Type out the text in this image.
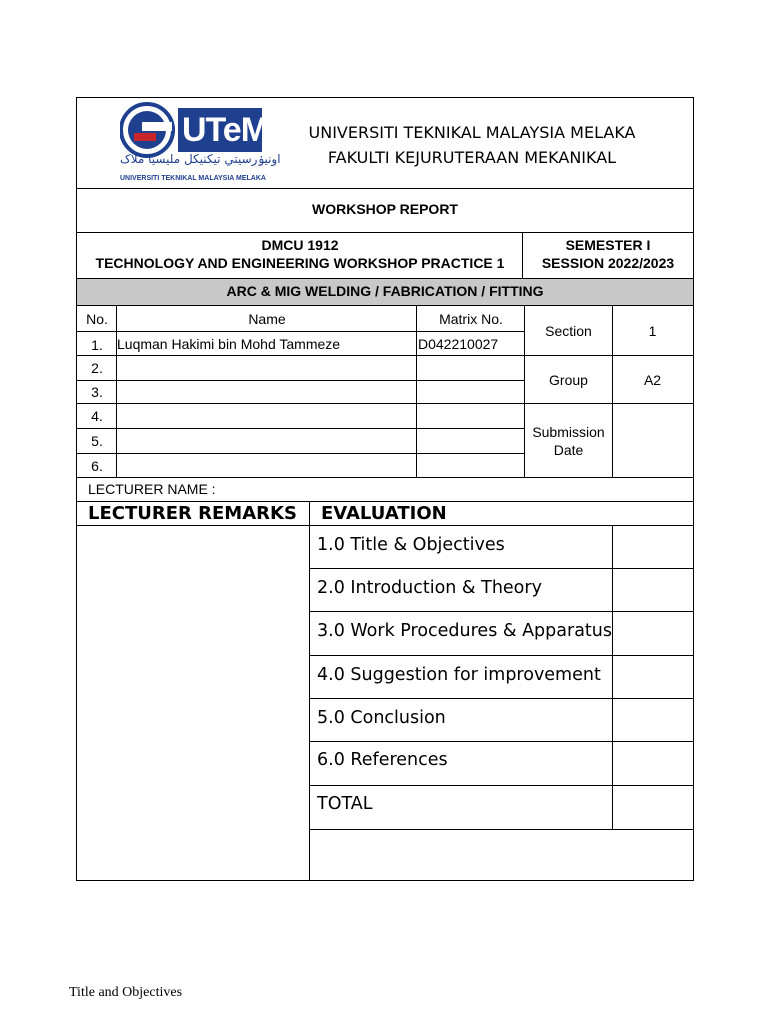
UTeM
اونيۏرسيتي تيكنيكل مليسيا ملاک
UNIVERSITI TEKNIKAL MALAYSIA MELAKA
UNIVERSITI TEKNIKAL MALAYSIA MELAKA
FAKULTI KEJURUTERAAN MEKANIKAL
WORKSHOP REPORT
DMCU 1912
TECHNOLOGY AND ENGINEERING WORKSHOP PRACTICE 1
SEMESTER I
SESSION 2022/2023
ARC & MIG WELDING / FABRICATION / FITTING
No.	Name	Matrix No.
1.	Luqman Hakimi bin Mohd Tammeze	D042210027
2.
3.
4.
5.
6.
Section	1
Group	A2
Submission
Date
LECTURER NAME :
LECTURER REMARKS EVALUATION
1.0 Title & Objectives
2.0 Introduction & Theory
3.0 Work Procedures & Apparatus
4.0 Suggestion for improvement
5.0 Conclusion
6.0 References
TOTAL
Title and Objectives
